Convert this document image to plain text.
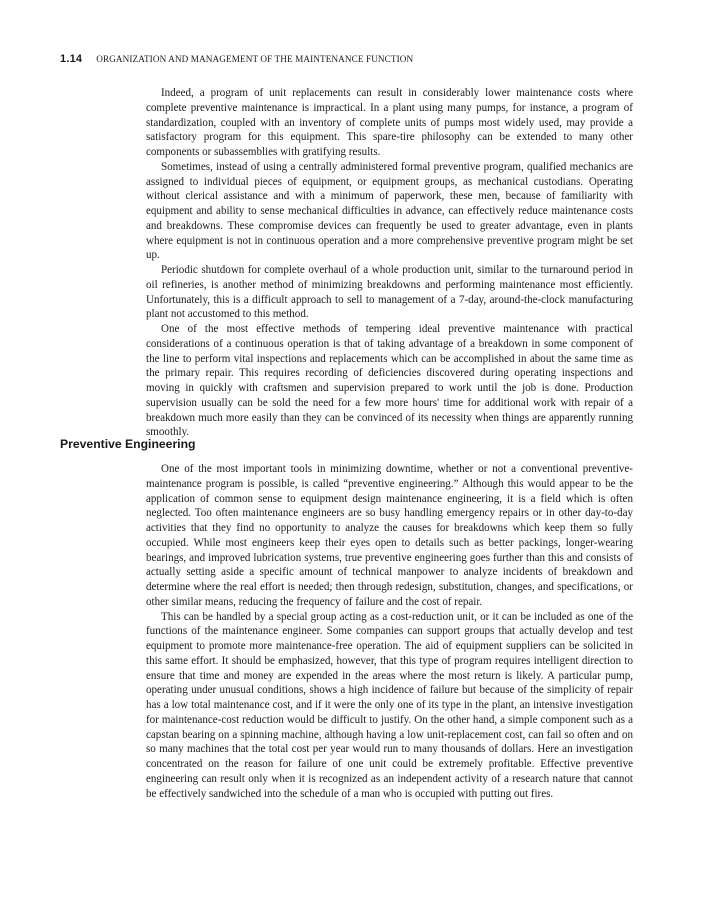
1.14 ORGANIZATION AND MANAGEMENT OF THE MAINTENANCE FUNCTION

Indeed, a program of unit replacements can result in considerably lower maintenance costs where complete preventive maintenance is impractical. In a plant using many pumps, for instance, a program of standardization, coupled with an inventory of complete units of pumps most widely used, may provide a satisfactory program for this equipment. This spare-tire philosophy can be extended to many other components or subassemblies with gratifying results.

Sometimes, instead of using a centrally administered formal preventive program, qualified mechanics are assigned to individual pieces of equipment, or equipment groups, as mechanical custodians. Operating without clerical assistance and with a minimum of paperwork, these men, because of familiarity with equipment and ability to sense mechanical difficulties in advance, can effectively reduce maintenance costs and breakdowns. These compromise devices can frequently be used to greater advantage, even in plants where equipment is not in continuous operation and a more comprehensive preventive program might be set up.

Periodic shutdown for complete overhaul of a whole production unit, similar to the turnaround period in oil refineries, is another method of minimizing breakdowns and performing maintenance most efficiently. Unfortunately, this is a difficult approach to sell to management of a 7-day, around-the-clock manufacturing plant not accustomed to this method.

One of the most effective methods of tempering ideal preventive maintenance with practical considerations of a continuous operation is that of taking advantage of a breakdown in some component of the line to perform vital inspections and replacements which can be accomplished in about the same time as the primary repair. This requires recording of deficiencies discovered during operating inspections and moving in quickly with craftsmen and supervision prepared to work until the job is done. Production supervision usually can be sold the need for a few more hours' time for additional work with repair of a breakdown much more easily than they can be convinced of its necessity when things are apparently running smoothly.

Preventive Engineering

One of the most important tools in minimizing downtime, whether or not a conventional preventive-maintenance program is possible, is called “preventive engineering.” Although this would appear to be the application of common sense to equipment design maintenance engineering, it is a field which is often neglected. Too often maintenance engineers are so busy handling emergency repairs or in other day-to-day activities that they find no opportunity to analyze the causes for breakdowns which keep them so fully occupied. While most engineers keep their eyes open to details such as better packings, longer-wearing bearings, and improved lubrication systems, true preventive engineering goes further than this and consists of actually setting aside a specific amount of technical manpower to analyze incidents of breakdown and determine where the real effort is needed; then through redesign, substitution, changes, and specifications, or other similar means, reducing the frequency of failure and the cost of repair.

This can be handled by a special group acting as a cost-reduction unit, or it can be included as one of the functions of the maintenance engineer. Some companies can support groups that actually develop and test equipment to promote more maintenance-free operation. The aid of equipment suppliers can be solicited in this same effort. It should be emphasized, however, that this type of program requires intelligent direction to ensure that time and money are expended in the areas where the most return is likely. A particular pump, operating under unusual conditions, shows a high incidence of failure but because of the simplicity of repair has a low total maintenance cost, and if it were the only one of its type in the plant, an intensive investigation for maintenance-cost reduction would be difficult to justify. On the other hand, a simple component such as a capstan bearing on a spinning machine, although having a low unit-replacement cost, can fail so often and on so many machines that the total cost per year would run to many thousands of dollars. Here an investigation concentrated on the reason for failure of one unit could be extremely profitable. Effective preventive engineering can result only when it is recognized as an independent activity of a research nature that cannot be effectively sandwiched into the schedule of a man who is occupied with putting out fires.
